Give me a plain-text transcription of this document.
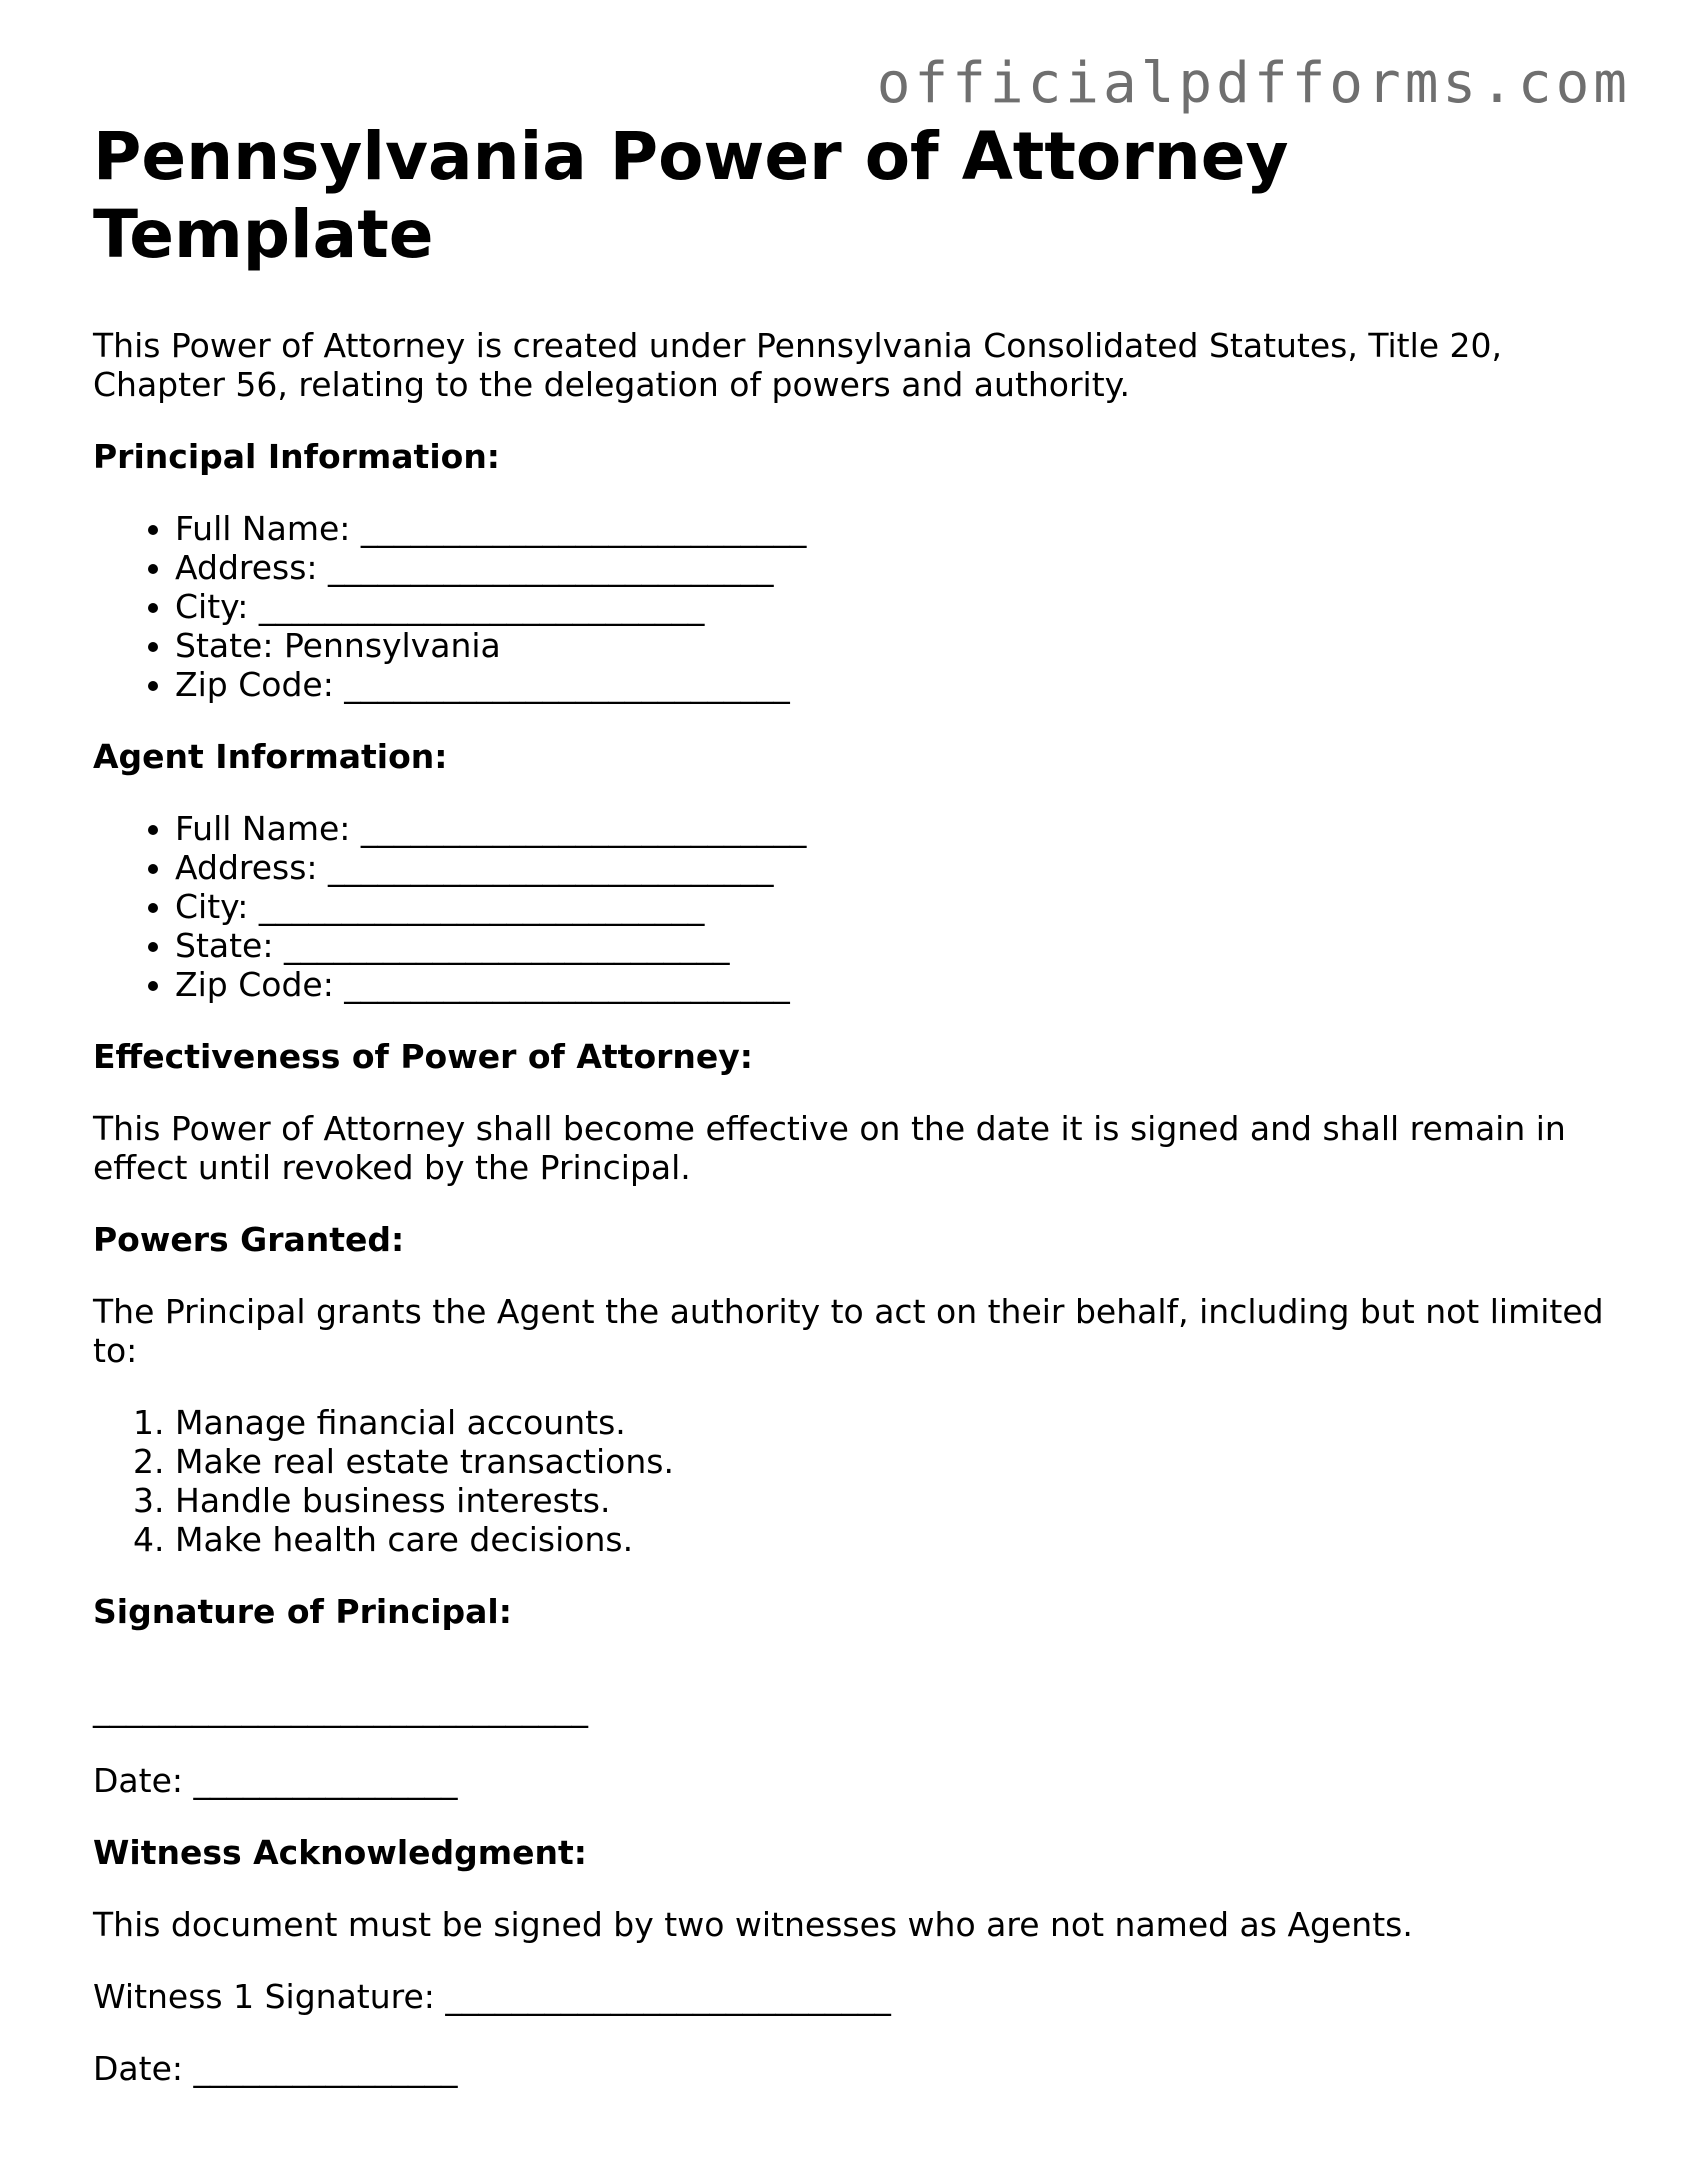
officialpdfforms.com
Pennsylvania Power of Attorney Template

This Power of Attorney is created under Pennsylvania Consolidated Statutes, Title 20, Chapter 56, relating to the delegation of powers and authority.

Principal Information:
• Full Name: ___________________________
• Address: ___________________________
• City: ___________________________
• State: Pennsylvania
• Zip Code: ___________________________
Agent Information:
• Full Name: ___________________________
• Address: ___________________________
• City: ___________________________
• State: ___________________________
• Zip Code: ___________________________
Effectiveness of Power of Attorney:

This Power of Attorney shall become effective on the date it is signed and shall remain in effect until revoked by the Principal.

Powers Granted:

The Principal grants the Agent the authority to act on their behalf, including but not limited to:

1. Manage financial accounts.
2. Make real estate transactions.
3. Handle business interests.
4. Make health care decisions.
Signature of Principal:

______________________________

Date: ________________

Witness Acknowledgment:

This document must be signed by two witnesses who are not named as Agents.

Witness 1 Signature: ___________________________

Date: ________________
